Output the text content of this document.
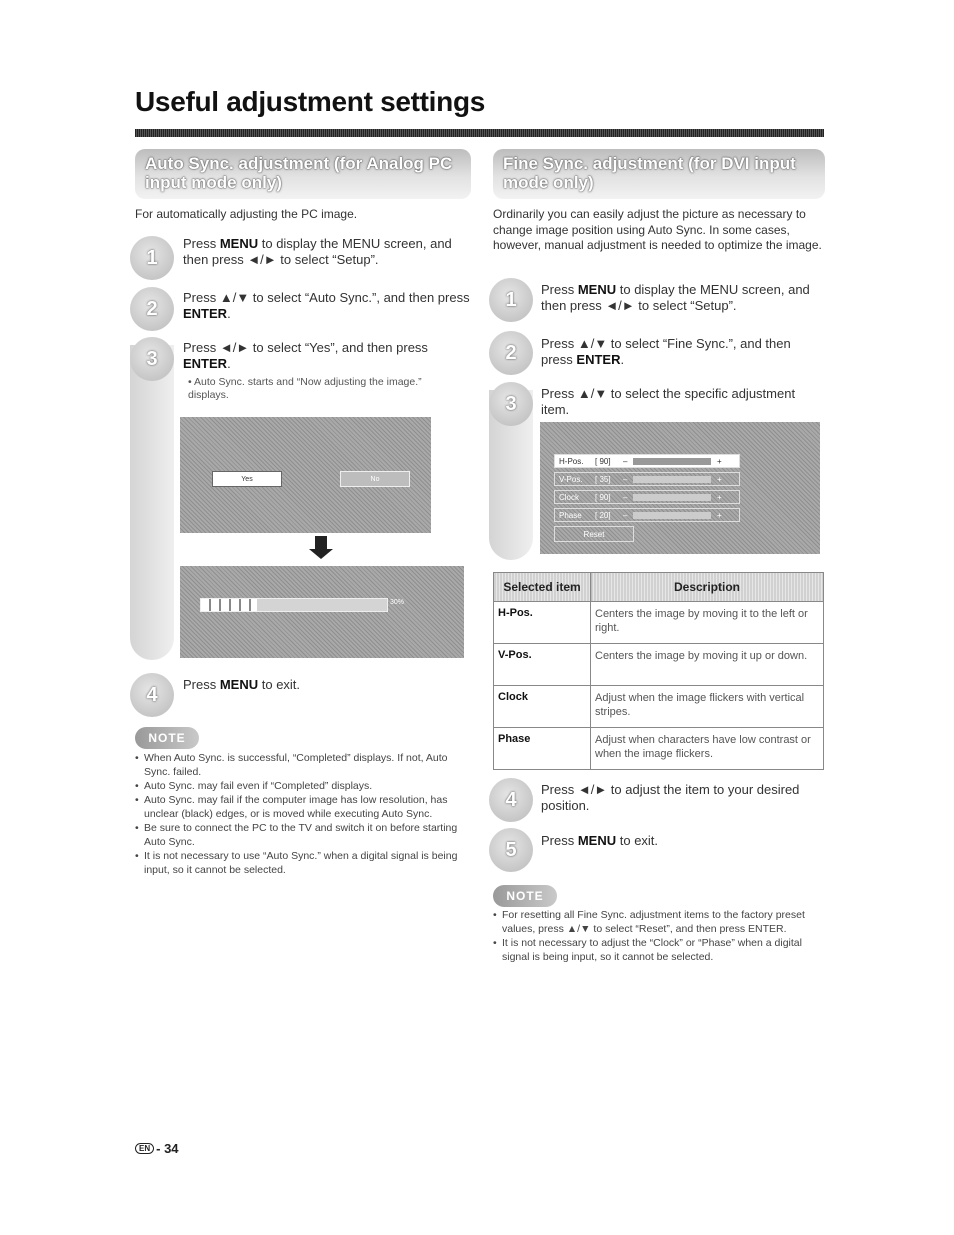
Useful adjustment settings
Auto Sync. adjustment (for Analog PC input mode only)
For automatically adjusting the PC image.
1
Press MENU to display the MENU screen, and then press ◄/► to select “Setup”.
2	Press ▲/▼ to select “Auto Sync.”, and then press ENTER.
3	Press ◄/► to select “Yes”, and then press ENTER.
• Auto Sync. starts and “Now adjusting the image.” displays.
Yes	No
30%
4	Press MENU to exit.
NOTE
• When Auto Sync. is successful, “Completed” displays. If not, Auto Sync. failed.
• Auto Sync. may fail even if “Completed” displays.
• Auto Sync. may fail if the computer image has low resolution, has unclear (black) edges, or is moved while executing Auto Sync.
• Be sure to connect the PC to the TV and switch it on before starting Auto Sync.
• It is not necessary to use “Auto Sync.” when a digital signal is being input, so it cannot be selected.
Fine Sync. adjustment (for DVI input mode only)
Ordinarily you can easily adjust the picture as necessary to change image position using Auto Sync. In some cases, however, manual adjustment is needed to optimize the image.
1	Press MENU to display the MENU screen, and then press ◄/► to select “Setup”.
2	Press ▲/▼ to select “Fine Sync.”, and then press ENTER.
3	Press ▲/▼ to select the specific adjustment item.
H-Pos.	[ 90]	–	+
V-Pos.	[ 35]	–	+
Clock	[ 90]	–	+
Phase	[ 20]	–	+
Reset
Selected item	Description
H-Pos.	Centers the image by moving it to the left or right.
V-Pos.	Centers the image by moving it up or down.
Clock	Adjust when the image flickers with vertical stripes.
Phase	Adjust when characters have low contrast or when the image flickers.
4	Press ◄/► to adjust the item to your desired position.
5	Press MENU to exit.
NOTE
• For resetting all Fine Sync. adjustment items to the factory preset values, press ▲/▼ to select “Reset”, and then press ENTER.
• It is not necessary to adjust the “Clock” or “Phase” when a digital signal is being input, so it cannot be selected.
EN - 34
